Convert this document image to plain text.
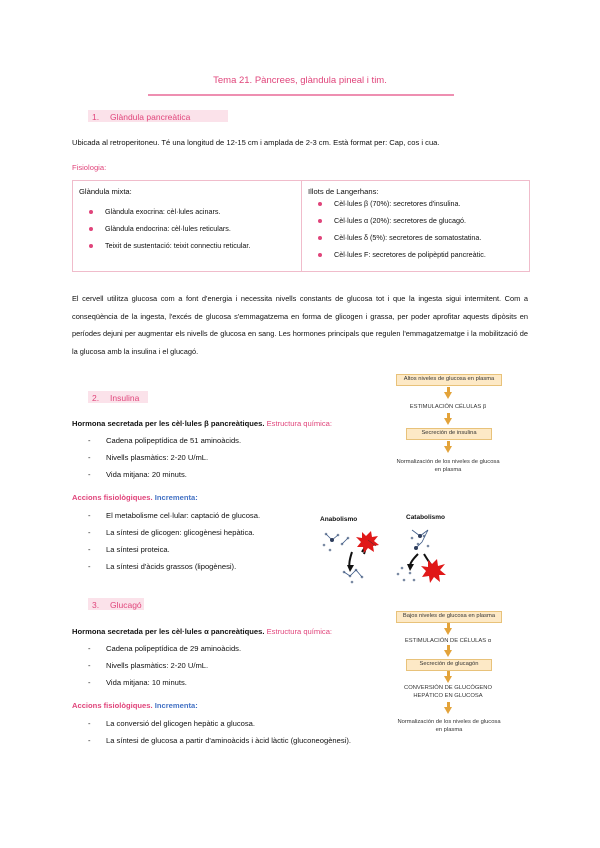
Tema 21. Pàncrees, glàndula pineal i tim.
1. Glàndula pancreàtica
Ubicada al retroperitoneu. Té una longitud de 12-15 cm i amplada de 2-3 cm. Està format per: Cap, cos i cua.
Fisiologia:
Glàndula mixta:
Glàndula exocrina: cèl·lules acinars.
Glàndula endocrina: cèl·lules reticulars.
Teixit de sustentació: teixit connectiu reticular.
Illots de Langerhans:
Cèl·lules β (70%): secretores d'insulina.
Cèl·lules α (20%): secretores de glucagó.
Cèl·lules δ (5%): secretores de somatostatina.
Cèl·lules F: secretores de polipèptid pancreàtic.
El cervell utilitza glucosa com a font d'energia i necessita nivells constants de glucosa tot i que la ingesta sigui intermitent. Com a conseqüència de la ingesta, l'excés de glucosa s'emmagatzema en forma de glicogen i grassa, per poder aprofitar aquests dipòsits en períodes dejuni per augmentar els nivells de glucosa en sang. Les hormones principals que regulen l'emmagatzematge i la mobilització de la glucosa amb la insulina i el glucagó.
2. Insulina
Hormona secretada per les cèl·lules β pancreàtiques. Estructura química:
- Cadena polipeptídica de 51 aminoàcids.
- Nivells plasmàtics: 2-20 U/mL.
- Vida mitjana: 20 minuts.
Accions fisiològiques. Incrementa:
- El metabolisme cel·lular: captació de glucosa.
- La síntesi de glicogen: glicogènesi hepàtica.
- La síntesi proteica.
- La síntesi d'àcids grassos (lipogènesi).
Altos niveles de glucosa en plasma
ESTIMULACIÓN CÉLULAS β
Secreción de insulina
Normalización de los niveles de glucosa en plasma
Anabolismo	Catabolismo
3. Glucagó
Hormona secretada per les cèl·lules α pancreàtiques. Estructura química:
- Cadena polipeptídica de 29 aminoàcids.
- Nivells plasmàtics: 2-20 U/mL.
- Vida mitjana: 10 minuts.
Accions fisiològiques. Incrementa:
- La conversió del glicogen hepàtic a glucosa.
- La síntesi de glucosa a partir d'aminoàcids i àcid làctic (gluconeogènesi).
Bajos niveles de glucosa en plasma
ESTIMULACIÓN DE CÉLULAS α
Secreción de glucagón
CONVERSIÓN DE GLUCÓGENO HEPÁTICO EN GLUCOSA
Normalización de los niveles de glucosa en plasma
